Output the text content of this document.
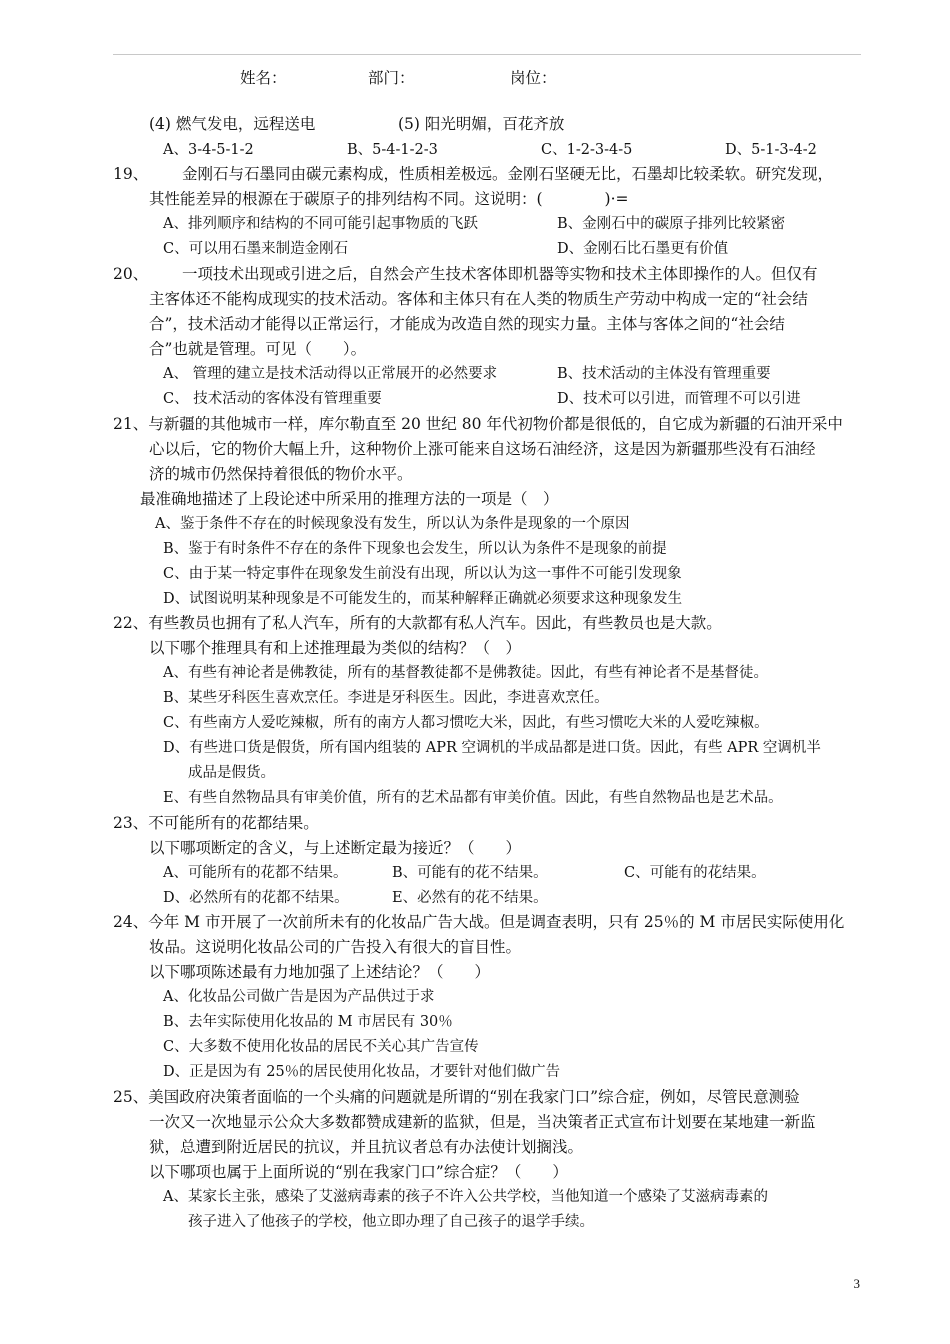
姓名：	部门：	岗位：
(4) 燃气发电，远程送电	(5) 阳光明媚，百花齐放
A、3-4-5-1-2	B、5-4-1-2-3	C、1-2-3-4-5	D、5-1-3-4-2
19、 金刚石与石墨同由碳元素构成，性质相差极远。金刚石坚硬无比，石墨却比较柔软。研究发现，
其性能差异的根源在于碳原子的排列结构不同。这说明：(　　　　)·=
A、排列顺序和结构的不同可能引起事物质的飞跃	B、金刚石中的碳原子排列比较紧密
C、可以用石墨来制造金刚石	D、金刚石比石墨更有价值
20、 一项技术出现或引进之后，自然会产生技术客体即机器等实物和技术主体即操作的人。但仅有
主客体还不能构成现实的技术活动。客体和主体只有在人类的物质生产劳动中构成一定的“社会结
合”，技术活动才能得以正常运行，才能成为改造自然的现实力量。主体与客体之间的“社会结
合”也就是管理。可见（　　）。
A、 管理的建立是技术活动得以正常展开的必然要求	B、技术活动的主体没有管理重要
C、 技术活动的客体没有管理重要	D、技术可以引进，而管理不可以引进
21、与新疆的其他城市一样，库尔勒直至 20 世纪 80 年代初物价都是很低的，自它成为新疆的石油开采中
心以后，它的物价大幅上升，这种物价上涨可能来自这场石油经济，这是因为新疆那些没有石油经
济的城市仍然保持着很低的物价水平。
最准确地描述了上段论述中所采用的推理方法的一项是（　）
A、鉴于条件不存在的时候现象没有发生，所以认为条件是现象的一个原因
B、鉴于有时条件不存在的条件下现象也会发生，所以认为条件不是现象的前提
C、由于某一特定事件在现象发生前没有出现，所以认为这一事件不可能引发现象
D、试图说明某种现象是不可能发生的，而某种解释正确就必须要求这种现象发生
22、有些教员也拥有了私人汽车，所有的大款都有私人汽车。因此，有些教员也是大款。
以下哪个推理具有和上述推理最为类似的结构？（　）
A、有些有神论者是佛教徒，所有的基督教徒都不是佛教徒。因此，有些有神论者不是基督徒。
B、某些牙科医生喜欢烹任。李进是牙科医生。因此，李进喜欢烹任。
C、有些南方人爱吃辣椒，所有的南方人都习惯吃大米，因此，有些习惯吃大米的人爱吃辣椒。
D、有些进口货是假货，所有国内组装的 APR 空调机的半成品都是进口货。因此，有些 APR 空调机半
成品是假货。
E、有些自然物品具有审美价值，所有的艺术品都有审美价值。因此，有些自然物品也是艺术品。
23、不可能所有的花都结果。
以下哪项断定的含义，与上述断定最为接近？（　　）
A、可能所有的花都不结果。	B、可能有的花不结果。	C、可能有的花结果。
D、必然所有的花都不结果。	E、必然有的花不结果。
24、今年 M 市开展了一次前所未有的化妆品广告大战。但是调查表明，只有 25％的 M 市居民实际使用化
妆品。这说明化妆品公司的广告投入有很大的盲目性。
以下哪项陈述最有力地加强了上述结论？（　　）
A、化妆品公司做广告是因为产品供过于求
B、去年实际使用化妆品的 M 市居民有 30％
C、大多数不使用化妆品的居民不关心其广告宣传
D、正是因为有 25％的居民使用化妆品，才要针对他们做广告
25、美国政府决策者面临的一个头痛的问题就是所谓的“别在我家门口”综合症，例如，尽管民意测验
一次又一次地显示公众大多数都赞成建新的监狱，但是，当决策者正式宣布计划要在某地建一新监
狱，总遭到附近居民的抗议，并且抗议者总有办法使计划搁浅。
以下哪项也属于上面所说的“别在我家门口”综合症？（　　）
A、某家长主张，感染了艾滋病毒素的孩子不许入公共学校，当他知道一个感染了艾滋病毒素的
孩子进入了他孩子的学校，他立即办理了自己孩子的退学手续。
3
